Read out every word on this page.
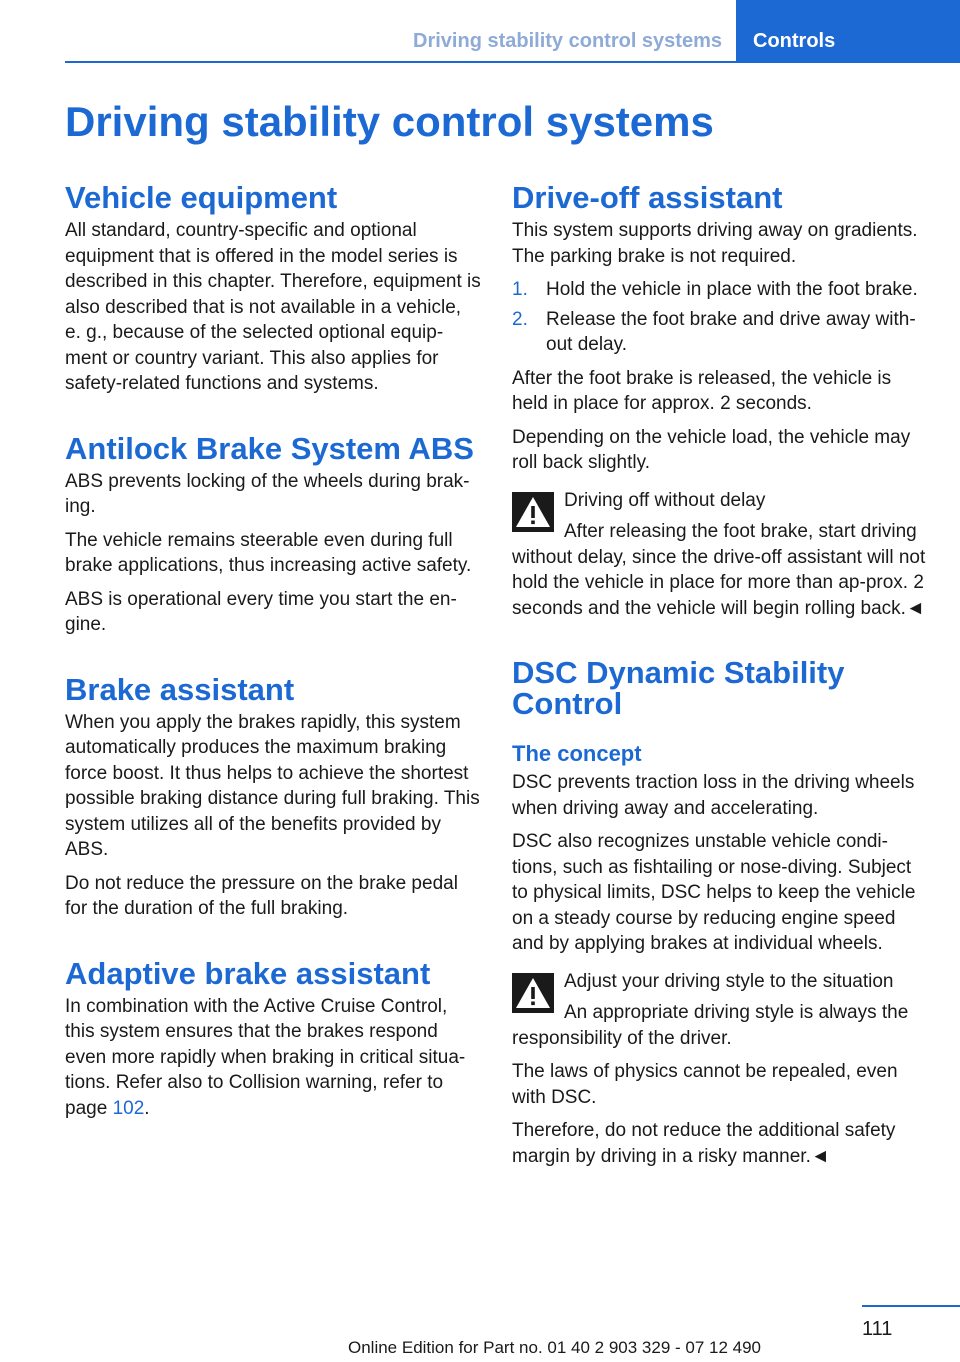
Driving stability control systems	Controls
Driving stability control systems
Vehicle equipment

All standard, country-specific and optional equipment that is offered in the model series is described in this chapter. Therefore, equipment is also described that is not available in a vehicle, e. g., because of the selected optional equip-ment or country variant. This also applies for safety-related functions and systems.

Antilock Brake System ABS

ABS prevents locking of the wheels during brak-ing.

The vehicle remains steerable even during full brake applications, thus increasing active safety.

ABS is operational every time you start the en-gine.

Brake assistant

When you apply the brakes rapidly, this system automatically produces the maximum braking force boost. It thus helps to achieve the shortest possible braking distance during full braking. This system utilizes all of the benefits provided by ABS.

Do not reduce the pressure on the brake pedal for the duration of the full braking.

Adaptive brake assistant

In combination with the Active Cruise Control, this system ensures that the brakes respond even more rapidly when braking in critical situa-tions. Refer also to Collision warning, refer to page 102.

Drive-off assistant

This system supports driving away on gradients. The parking brake is not required.

1. Hold the vehicle in place with the foot brake.
2. Release the foot brake and drive away with-out delay.

After the foot brake is released, the vehicle is held in place for approx. 2 seconds.

Depending on the vehicle load, the vehicle may roll back slightly.

Driving off without delay
After releasing the foot brake, start driving without delay, since the drive-off assistant will not hold the vehicle in place for more than ap-prox. 2 seconds and the vehicle will begin rolling back.◄
DSC Dynamic Stability Control
The concept

DSC prevents traction loss in the driving wheels when driving away and accelerating.

DSC also recognizes unstable vehicle condi-tions, such as fishtailing or nose-diving. Subject to physical limits, DSC helps to keep the vehicle on a steady course by reducing engine speed and by applying brakes at individual wheels.

Adjust your driving style to the situation
An appropriate driving style is always the responsibility of the driver.

The laws of physics cannot be repealed, even with DSC.

Therefore, do not reduce the additional safety margin by driving in a risky manner.◄

111
Online Edition for Part no. 01 40 2 903 329 - 07 12 490
